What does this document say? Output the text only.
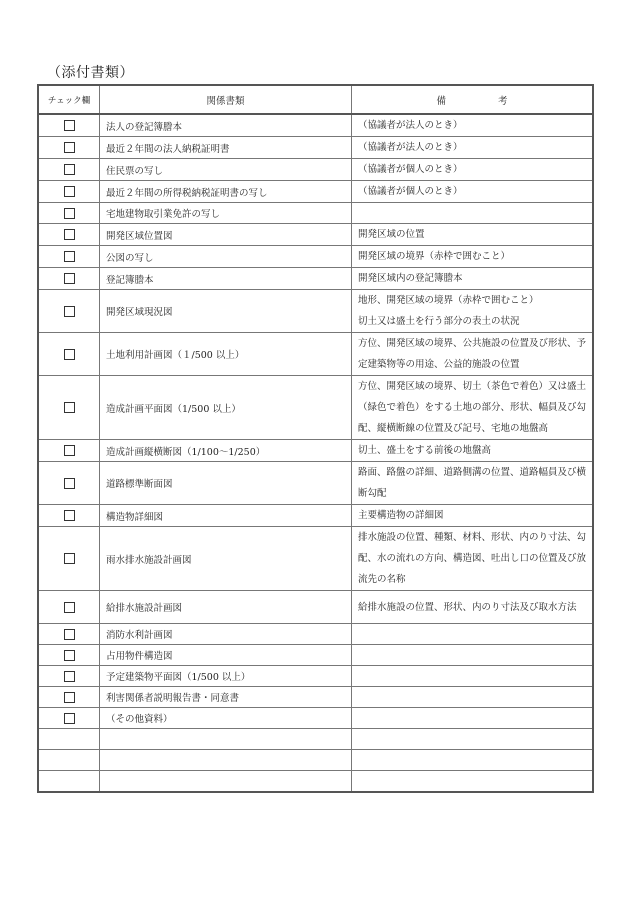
（添付書類）
チェック欄	関係書類	備 考
	法人の登記簿謄本	（協議者が法人のとき）
	最近２年間の法人納税証明書	（協議者が法人のとき）
	住民票の写し	（協議者が個人のとき）
	最近２年間の所得税納税証明書の写し	（協議者が個人のとき）
	宅地建物取引業免許の写し	
	開発区域位置図	開発区域の位置
	公図の写し	開発区域の境界（赤枠で囲むこと）
	登記簿謄本	開発区域内の登記簿謄本
	開発区域現況図	地形、開発区域の境界（赤枠で囲むこと）
切土又は盛土を行う部分の表土の状況
	土地利用計画図（１/500 以上）	方位、開発区域の境界、公共施設の位置及び形状、予定建築物等の用途、公益的施設の位置
	造成計画平面図（1/500 以上）	方位、開発区域の境界、切土（茶色で着色）又は盛土（緑色で着色）をする土地の部分、形状、幅員及び勾配、縦横断線の位置及び記号、宅地の地盤高
	造成計画縦横断図（1/100～1/250）	切土、盛土をする前後の地盤高
	道路標準断面図	路面、路盤の詳細、道路側溝の位置、道路幅員及び横断勾配
	構造物詳細図	主要構造物の詳細図
	雨水排水施設計画図	排水施設の位置、種類、材料、形状、内のり寸法、勾配、水の流れの方向、構造図、吐出し口の位置及び放流先の名称
	給排水施設計画図	給排水施設の位置、形状、内のり寸法及び取水方法
	消防水利計画図	
	占用物件構造図	
	予定建築物平面図（1/500 以上）	
	利害関係者説明報告書・同意書	
	（その他資料）	
